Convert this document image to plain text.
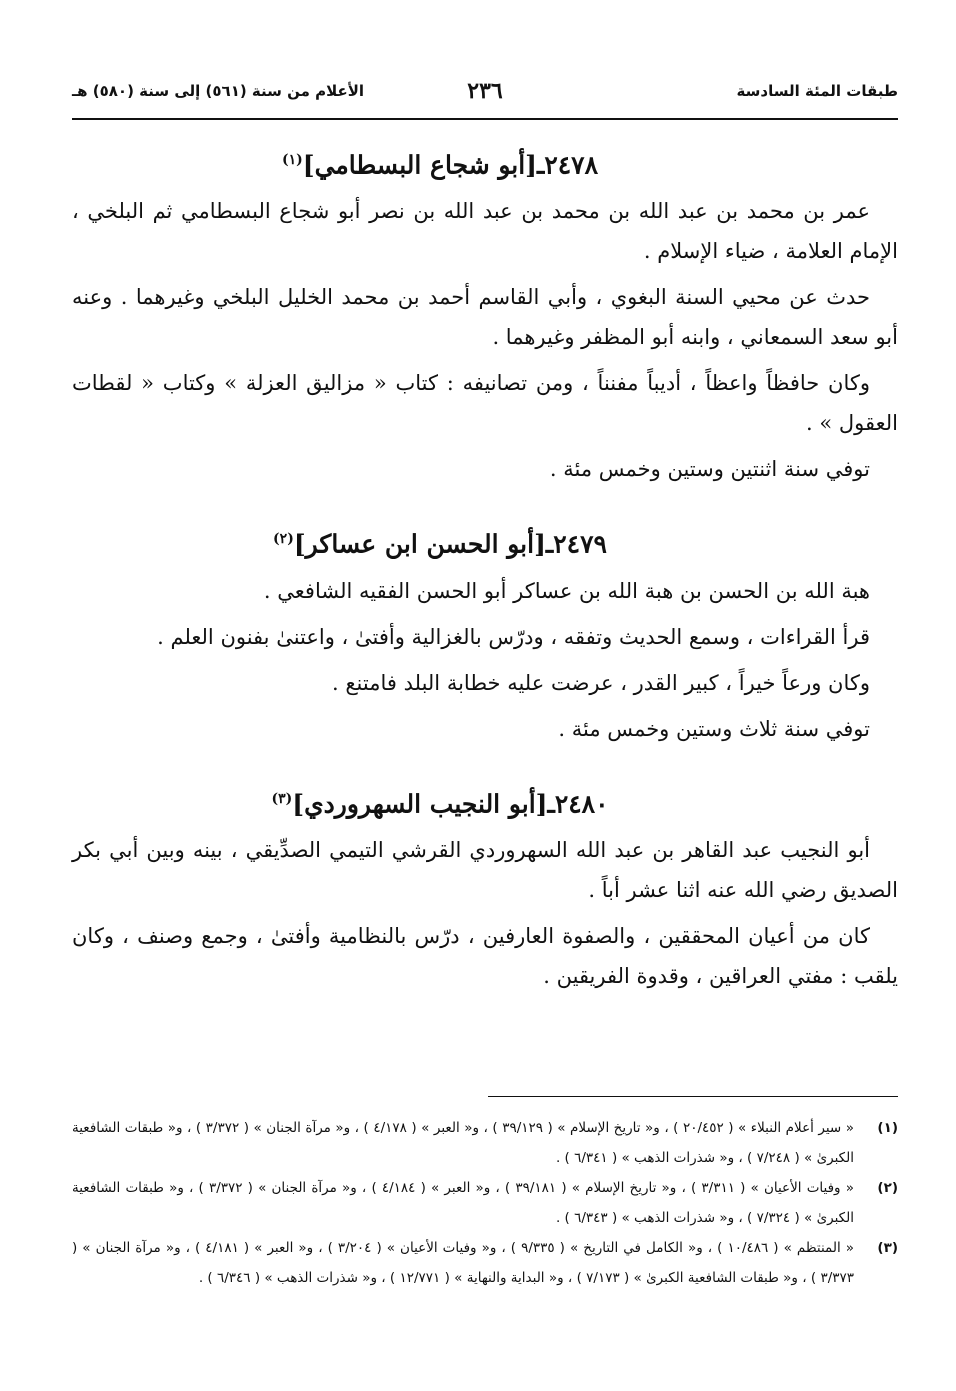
طبقات المئة السادسة
٢٣٦
الأعلام من سنة (٥٦١) إلى سنة (٥٨٠) هـ
٢٤٧٨ـ[أبو شجاع البسطامي]$^{(١)}$

عمر بن محمد بن عبد الله بن محمد بن عبد الله بن نصر أبو شجاع البسطامي ثم البلخي ، الإمام العلامة ، ضياء الإسلام .

حدث عن محيي السنة البغوي ، وأبي القاسم أحمد بن محمد الخليل البلخي وغيرهما . وعنه أبو سعد السمعاني ، وابنه أبو المظفر وغيرهما .

وكان حافظاً واعظاً ، أديباً مفنناً ، ومن تصانيفه : كتاب « مزاليق العزلة » وكتاب « لقطات العقول » .

توفي سنة اثنتين وستين وخمس مئة .

٢٤٧٩ـ[أبو الحسن ابن عساكر]$^{(٢)}$

هبة الله بن الحسن بن هبة الله بن عساكر أبو الحسن الفقيه الشافعي .

قرأ القراءات ، وسمع الحديث وتفقه ، ودرّس بالغزالية وأفتىٰ ، واعتنىٰ بفنون العلم .

وكان ورعاً خيراً ، كبير القدر ، عرضت عليه خطابة البلد فامتنع .

توفي سنة ثلاث وستين وخمس مئة .

٢٤٨٠ـ[أبو النجيب السهروردي]$^{(٣)}$

أبو النجيب عبد القاهر بن عبد الله السهروردي القرشي التيمي الصدِّيقي ، بينه وبين أبي بكر الصديق رضي الله عنه اثنا عشر أباً .

كان من أعيان المحققين ، والصفوة العارفين ، درّس بالنظامية وأفتىٰ ، وجمع وصنف ، وكان يلقب : مفتي العراقين ، وقدوة الفريقين .

(١)
« سير أعلام النبلاء » ( ٢٠/٤٥٢ ) ، و« تاريخ الإسلام » ( ٣٩/١٢٩ ) ، و« العبر » ( ٤/١٧٨ ) ، و« مرآة الجنان » ( ٣/٣٧٢ ) ، و« طبقات الشافعية الكبرىٰ » ( ٧/٢٤٨ ) ، و« شذرات الذهب » ( ٦/٣٤١ ) .
(٢)
« وفيات الأعيان » ( ٣/٣١١ ) ، و« تاريخ الإسلام » ( ٣٩/١٨١ ) ، و« العبر » ( ٤/١٨٤ ) ، و« مرآة الجنان » ( ٣/٣٧٢ ) ، و« طبقات الشافعية الكبرىٰ » ( ٧/٣٢٤ ) ، و« شذرات الذهب » ( ٦/٣٤٣ ) .
(٣)
« المنتظم » ( ١٠/٤٨٦ ) ، و« الكامل في التاريخ » ( ٩/٣٣٥ ) ، و« وفيات الأعيان » ( ٣/٢٠٤ ) ، و« العبر » ( ٤/١٨١ ) ، و« مرآة الجنان » ( ٣/٣٧٣ ) ، و« طبقات الشافعية الكبرىٰ » ( ٧/١٧٣ ) ، و« البداية والنهاية » ( ١٢/٧٧١ ) ، و« شذرات الذهب » ( ٦/٣٤٦ ) .
